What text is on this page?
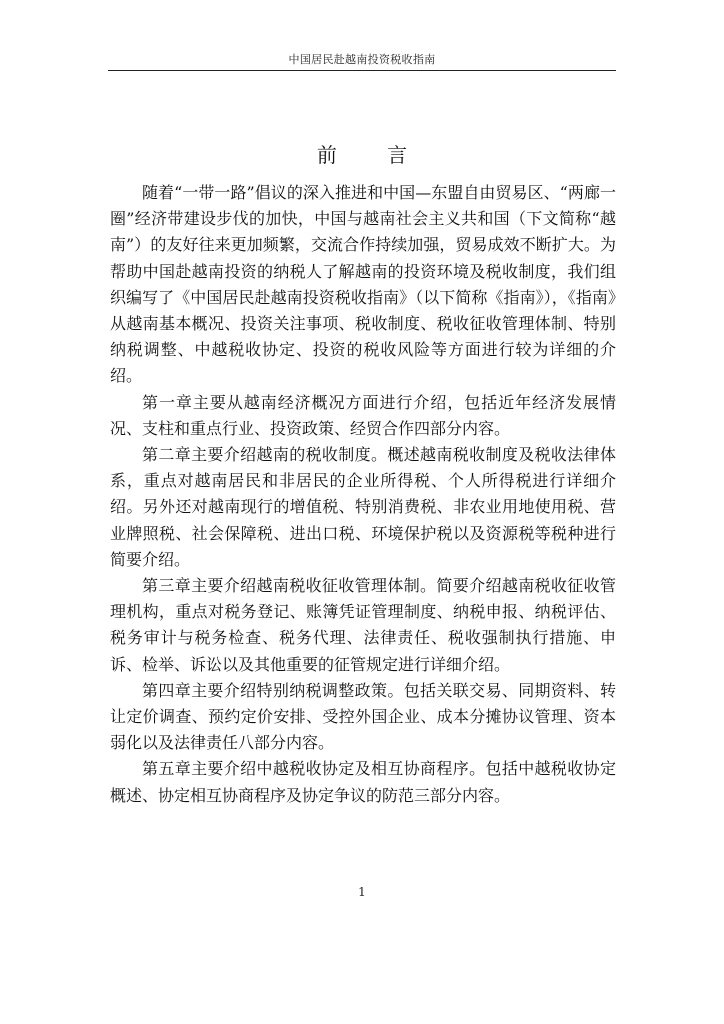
中国居民赴越南投资税收指南
前 言

随着“一带一路”倡议的深入推进和中国—东盟自由贸易区、“两廊一圈”经济带建设步伐的加快，中国与越南社会主义共和国（下文简称“越南”）的友好往来更加频繁，交流合作持续加强，贸易成效不断扩大。为帮助中国赴越南投资的纳税人了解越南的投资环境及税收制度，我们组织编写了《中国居民赴越南投资税收指南》（以下简称《指南》），《指南》从越南基本概况、投资关注事项、税收制度、税收征收管理体制、特别纳税调整、中越税收协定、投资的税收风险等方面进行较为详细的介绍。

第一章主要从越南经济概况方面进行介绍，包括近年经济发展情况、支柱和重点行业、投资政策、经贸合作四部分内容。

第二章主要介绍越南的税收制度。概述越南税收制度及税收法律体系，重点对越南居民和非居民的企业所得税、个人所得税进行详细介绍。另外还对越南现行的增值税、特别消费税、非农业用地使用税、营业牌照税、社会保障税、进出口税、环境保护税以及资源税等税种进行简要介绍。

第三章主要介绍越南税收征收管理体制。简要介绍越南税收征收管理机构，重点对税务登记、账簿凭证管理制度、纳税申报、纳税评估、税务审计与税务检查、税务代理、法律责任、税收强制执行措施、申诉、检举、诉讼以及其他重要的征管规定进行详细介绍。

第四章主要介绍特别纳税调整政策。包括关联交易、同期资料、转让定价调查、预约定价安排、受控外国企业、成本分摊协议管理、资本弱化以及法律责任八部分内容。

第五章主要介绍中越税收协定及相互协商程序。包括中越税收协定概述、协定相互协商程序及协定争议的防范三部分内容。

1
